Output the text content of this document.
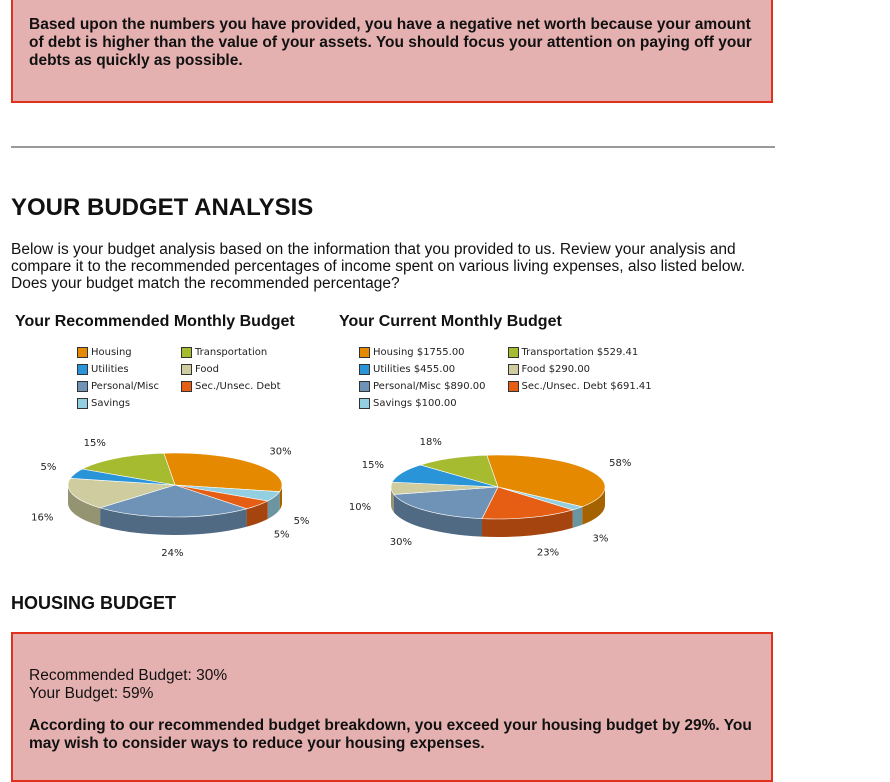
Based upon the numbers you have provided, you have a negative net worth because your amount of debt is higher than the value of your assets. You should focus your attention on paying off your debts as quickly as possible.

YOUR BUDGET ANALYSIS

Below is your budget analysis based on the information that you provided to us. Review your analysis and compare it to the recommended percentages of income spent on various living expenses, also listed below. Does your budget match the recommended percentage?

Your Recommended Monthly Budget	Your Current Monthly Budget
Housing	Transportation
Utilities	Food
Personal/Misc	Sec./Unsec. Debt
Savings
Housing $1755.00	Transportation $529.41
Utilities $455.00	Food $290.00
Personal/Misc $890.00	Sec./Unsec. Debt $691.41
Savings $100.00
30%
5%
5%
24%
16%
5%
15%
58%
3%
23%
30%
10%
15%
18%
HOUSING BUDGET

Recommended Budget: 30%

Your Budget: 59%

According to our recommended budget breakdown, you exceed your housing budget by 29%. You may wish to consider ways to reduce your housing expenses.
